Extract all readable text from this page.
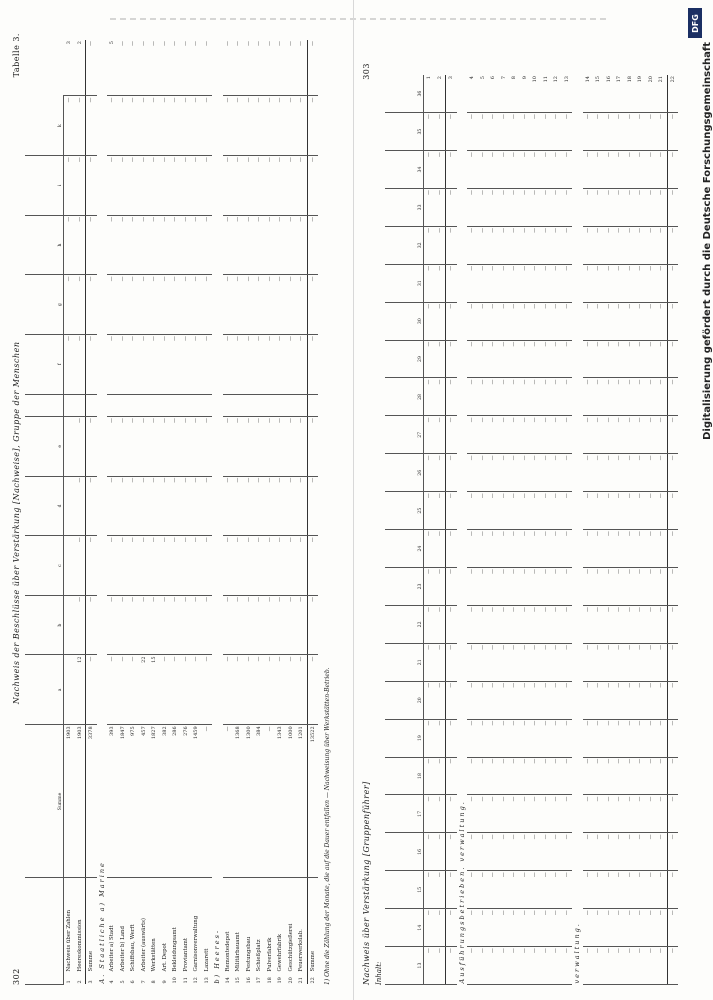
302
Nachweis der Beschlüsse über Verstärkung [Nachweise], Gruppe der Menschen
Tabelle 3.
		Summe	a	b	c	d	e		f	g	h	i	k	
1	Nachweis über Zahlen	1903							—	—	—	—	—	3
2	Heereskommission	1903	12	—	—	—	—		—	—	—	—	—	2
3	Summe	3378	—	—	—	—	—		—	—	—	—	—	—
A. Staatliche a) Marine														
4	Arbeiter a) Stadt	393	—	—	—	—	—		—	—	—	—	—	5
5	Arbeiter b) Land	1847	—	—	—	—	—		—	—	—	—	—	—
6	Schiffsbau, Werft	975	—	—	—	—	—		—	—	—	—	—	—
7	Arbeiter (auswärts)	457	22	—	—	—	—		—	—	—	—	—	—
8	Werkstätten	1827	15	—	—	—	—		—	—	—	—	—	—
9	Art. Depot	382	—	—	—	—	—		—	—	—	—	—	—
10	Bekleidungsamt	286	—	—	—	—	—		—	—	—	—	—	—
11	Proviantamt	276	—	—	—	—	—		—	—	—	—	—	—
12	Garnisonverwaltung	1459	—	—	—	—	—		—	—	—	—	—	—
13	Lazarett	—	—	—	—	—	—		—	—	—	—	—	—
b) Heeres-														
14	Remontedepot	—	—	—	—	—	—		—	—	—	—	—	—
15	Militärbauamt	1368	—	—	—	—	—		—	—	—	—	—	—
16	Festungsbau	1300	—	—	—	—	—		—	—	—	—	—	—
17	Schießplatz	384	—	—	—	—	—		—	—	—	—	—	—
18	Pulverfabrik	—	—	—	—	—	—		—	—	—	—	—	—
19	Gewehrfabrik	1343	—	—	—	—	—		—	—	—	—	—	—
20	Geschützgießerei	1000	—	—	—	—	—		—	—	—	—	—	—
21	Feuerwerkslab.	1201	—	—	—	—	—		—	—	—	—	—	—
22	Summe	13522	—	—	—	—	—		—	—	—	—	—	—
1) Ohne die Zählung der Monate, die auf die Dauer entfallen — Nachweisung über Werkstätten-Betrieb.	Nachweis über Verstärkung [Gruppenführer]
303
Inhalt:	13	14	15	16	17	18	19	20	21	22	23	24	25	26	27	28	29	30	31	32	33	34	35	36
—	—	—	—	—	—	—	—	—	—	—	—	—	—	—	—	—	—	—	—	—	—	—	1
—	—	—	—	—	—	—	—	—	—	—	—	—	—	—	—	—	—	—	—	—	—	—	2
—	—	—	—	—	—	—	—	—	—	—	—	—	—	—	—	—	—	—	—	—	—	—	3
Ausführungsbetrieben. verwaltung.																							
—	—	—	—	—	—	—	—	—	—	—	—	—	—	—	—	—	—	—	—	—	—	—	4
—	—	—	—	—	—	—	—	—	—	—	—	—	—	—	—	—	—	—	—	—	—	—	5
—	—	—	—	—	—	—	—	—	—	—	—	—	—	—	—	—	—	—	—	—	—	—	6
—	—	—	—	—	—	—	—	—	—	—	—	—	—	—	—	—	—	—	—	—	—	—	7
—	—	—	—	—	—	—	—	—	—	—	—	—	—	—	—	—	—	—	—	—	—	—	8
—	—	—	—	—	—	—	—	—	—	—	—	—	—	—	—	—	—	—	—	—	—	—	9
—	—	—	—	—	—	—	—	—	—	—	—	—	—	—	—	—	—	—	—	—	—	—	10
—	—	—	—	—	—	—	—	—	—	—	—	—	—	—	—	—	—	—	—	—	—	—	11
—	—	—	—	—	—	—	—	—	—	—	—	—	—	—	—	—	—	—	—	—	—	—	12
—	—	—	—	—	—	—	—	—	—	—	—	—	—	—	—	—	—	—	—	—	—	—	13
verwaltung.																							
—	—	—	—	—	—	—	—	—	—	—	—	—	—	—	—	—	—	—	—	—	—	—	14
—	—	—	—	—	—	—	—	—	—	—	—	—	—	—	—	—	—	—	—	—	—	—	15
—	—	—	—	—	—	—	—	—	—	—	—	—	—	—	—	—	—	—	—	—	—	—	16
—	—	—	—	—	—	—	—	—	—	—	—	—	—	—	—	—	—	—	—	—	—	—	17
—	—	—	—	—	—	—	—	—	—	—	—	—	—	—	—	—	—	—	—	—	—	—	18
—	—	—	—	—	—	—	—	—	—	—	—	—	—	—	—	—	—	—	—	—	—	—	19
—	—	—	—	—	—	—	—	—	—	—	—	—	—	—	—	—	—	—	—	—	—	—	20
—	—	—	—	—	—	—	—	—	—	—	—	—	—	—	—	—	—	—	—	—	—	—	21
—	—	—	—	—	—	—	—	—	—	—	—	—	—	—	—	—	—	—	—	—	—	—	22
DFG
Digitalisierung gefördert durch die Deutsche Forschungsgemeinschaft
